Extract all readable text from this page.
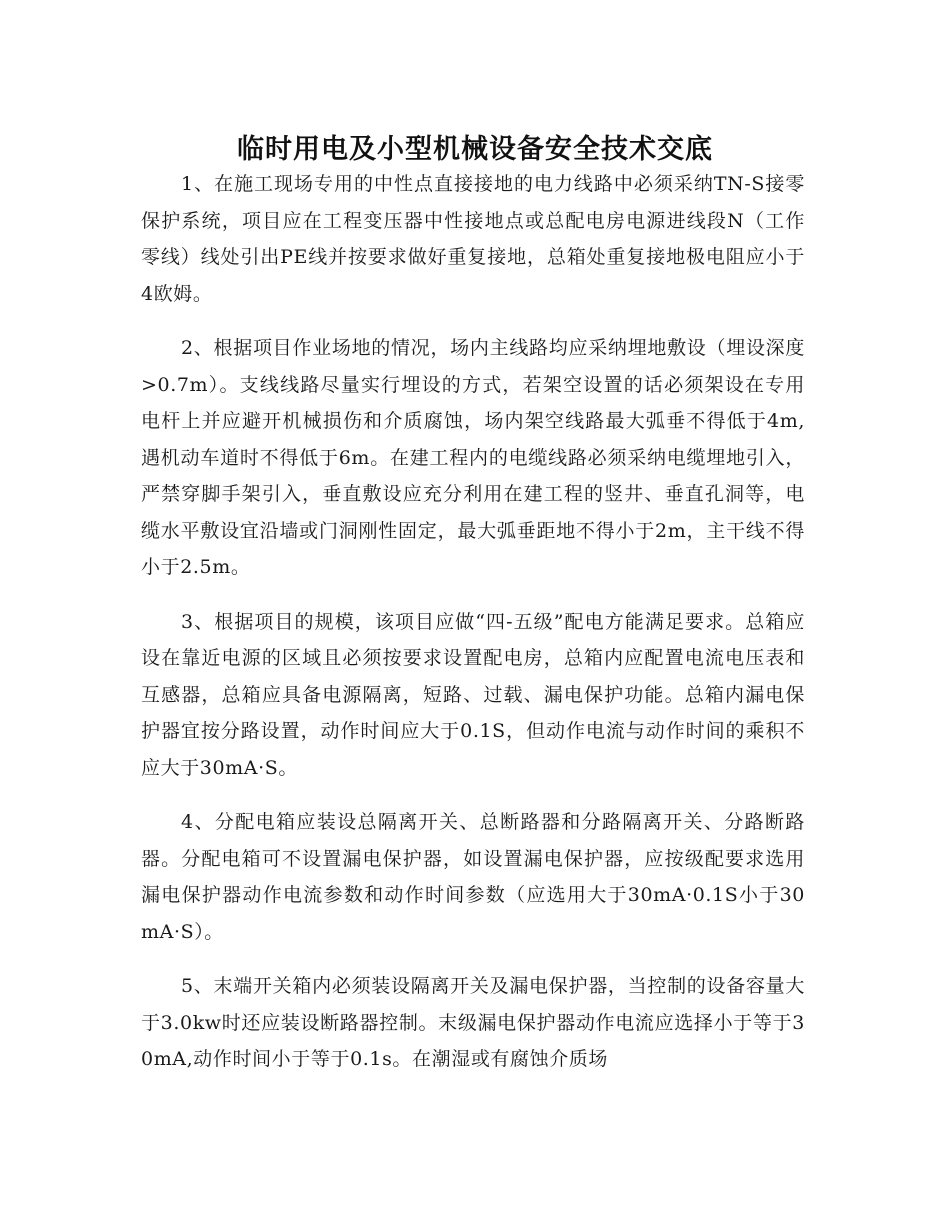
临时用电及小型机械设备安全技术交底

1、在施工现场专用的中性点直接接地的电力线路中必须采纳TN-S接零保护系统，项目应在工程变压器中性接地点或总配电房电源进线段N（工作零线）线处引出PE线并按要求做好重复接地，总箱处重复接地极电阻应小于4欧姆。

2、根据项目作业场地的情况，场内主线路均应采纳埋地敷设（埋设深度>0.7m）。支线线路尽量实行埋设的方式，若架空设置的话必须架设在专用电杆上并应避开机械损伤和介质腐蚀，场内架空线路最大弧垂不得低于4m,遇机动车道时不得低于6m。在建工程内的电缆线路必须采纳电缆埋地引入，严禁穿脚手架引入，垂直敷设应充分利用在建工程的竖井、垂直孔洞等，电缆水平敷设宜沿墙或门洞刚性固定，最大弧垂距地不得小于2m，主干线不得小于2.5m。

3、根据项目的规模，该项目应做“四-五级”配电方能满足要求。总箱应设在靠近电源的区域且必须按要求设置配电房，总箱内应配置电流电压表和互感器，总箱应具备电源隔离，短路、过载、漏电保护功能。总箱内漏电保护器宜按分路设置，动作时间应大于0.1S，但动作电流与动作时间的乘积不应大于30mA·S。

4、分配电箱应装设总隔离开关、总断路器和分路隔离开关、分路断路器。分配电箱可不设置漏电保护器，如设置漏电保护器，应按级配要求选用漏电保护器动作电流参数和动作时间参数（应选用大于30mA·0.1S小于30mA·S）。

5、末端开关箱内必须装设隔离开关及漏电保护器，当控制的设备容量大于3.0kw时还应装设断路器控制。末级漏电保护器动作电流应选择小于等于30mA,动作时间小于等于0.1s。在潮湿或有腐蚀介质场
